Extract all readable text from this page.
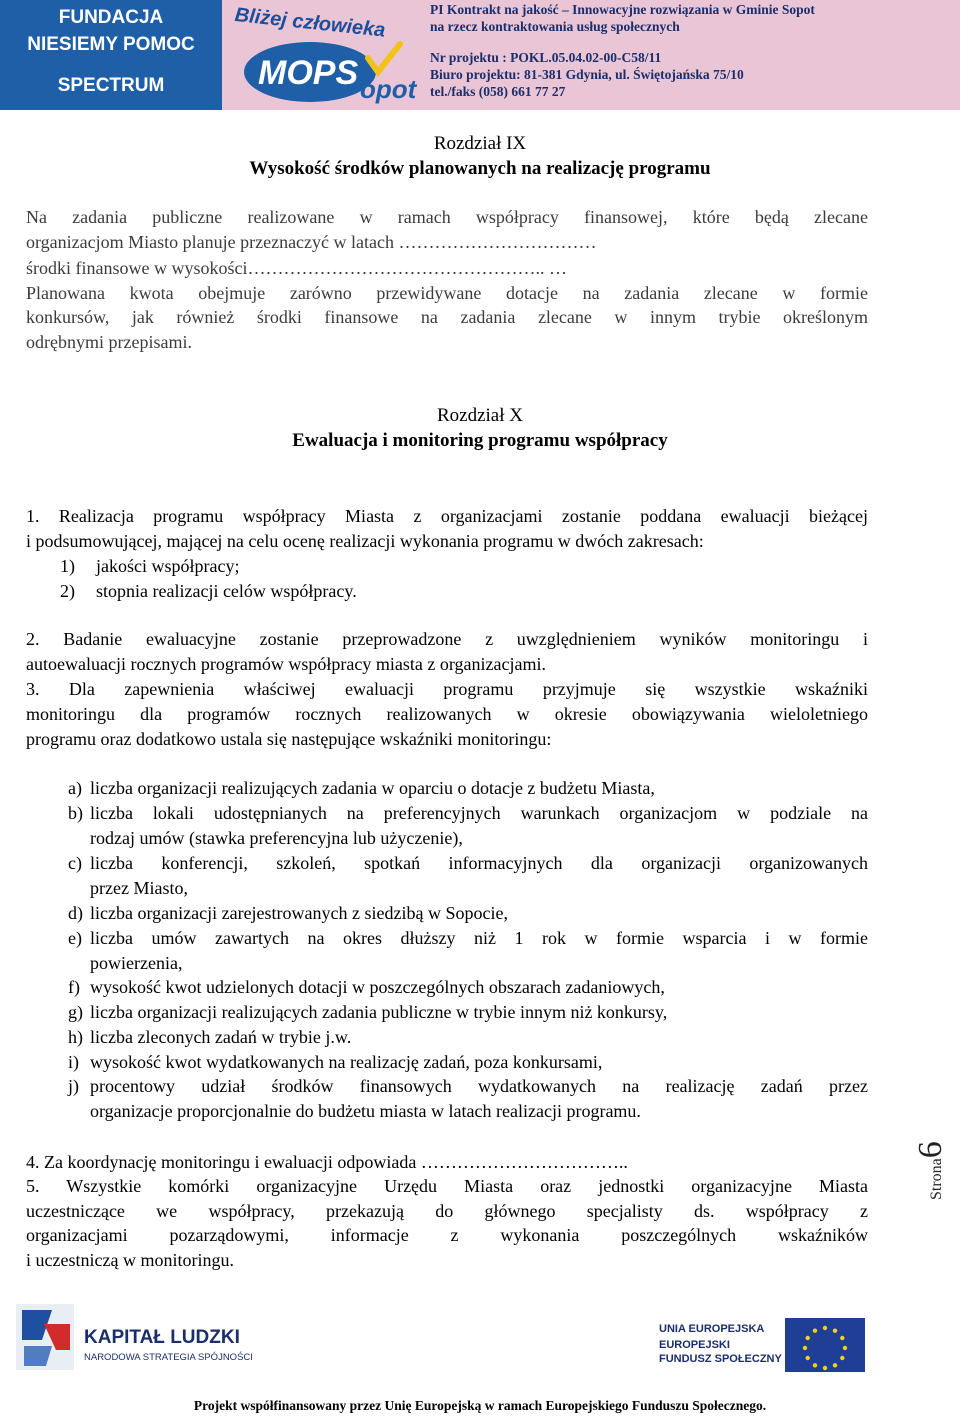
FUNDACJA
NIESIEMY POMOC
SPECTRUM
Bliżej człowieka
MOPS opot
PI Kontrakt na jakość – Innowacyjne rozwiązania w Gminie Sopot
na rzecz kontraktowania usług społecznych
Nr projektu : POKL.05.04.02-00-C58/11
Biuro projektu: 81-381 Gdynia, ul. Świętojańska 75/10
tel./faks (058) 661 77 27
Rozdział IX
Wysokość środków planowanych na realizację programu
Na zadania publiczne realizowane w ramach współpracy finansowej, które będą zlecane
organizacjom Miasto planuje przeznaczyć w latach ……………………………
środki finansowe w wysokości………………………………………….. …
Planowana kwota obejmuje zarówno przewidywane dotacje na zadania zlecane w formie
konkursów, jak również środki finansowe na zadania zlecane w innym trybie określonym
odrębnymi przepisami.
Rozdział X
Ewaluacja i monitoring programu współpracy
1. Realizacja programu współpracy Miasta z organizacjami zostanie poddana ewaluacji bieżącej
i podsumowującej, mającej na celu ocenę realizacji wykonania programu w dwóch zakresach:
1) jakości współpracy;
2) stopnia realizacji celów współpracy.
2. Badanie ewaluacyjne zostanie przeprowadzone z uwzględnieniem wyników monitoringu i
autoewaluacji rocznych programów współpracy miasta z organizacjami.
3. Dla zapewnienia właściwej ewaluacji programu przyjmuje się wszystkie wskaźniki
monitoringu dla programów rocznych realizowanych w okresie obowiązywania wieloletniego
programu oraz dodatkowo ustala się następujące wskaźniki monitoringu:
a) liczba organizacji realizujących zadania w oparciu o dotacje z budżetu Miasta,
b) liczba lokali udostępnianych na preferencyjnych warunkach organizacjom w podziale na
rodzaj umów (stawka preferencyjna lub użyczenie),
c) liczba konferencji, szkoleń, spotkań informacyjnych dla organizacji organizowanych
przez Miasto,
d) liczba organizacji zarejestrowanych z siedzibą w Sopocie,
e) liczba umów zawartych na okres dłuższy niż 1 rok w formie wsparcia i w formie
powierzenia,
f) wysokość kwot udzielonych dotacji w poszczególnych obszarach zadaniowych,
g) liczba organizacji realizujących zadania publiczne w trybie innym niż konkursy,
h) liczba zleconych zadań w trybie j.w.
i) wysokość kwot wydatkowanych na realizację zadań, poza konkursami,
j) procentowy udział środków finansowych wydatkowanych na realizację zadań przez
organizacje proporcjonalnie do budżetu miasta w latach realizacji programu.
4. Za koordynację monitoringu i ewaluacji odpowiada ……………………………..
5. Wszystkie komórki organizacyjne Urzędu Miasta oraz jednostki organizacyjne Miasta
uczestniczące we współpracy, przekazują do głównego specjalisty ds. współpracy z
organizacjami pozarządowymi, informacje z wykonania poszczególnych wskaźników
i uczestniczą w monitoringu.
Strona6
KAPITAŁ LUDZKI
NARODOWA STRATEGIA SPÓJNOŚCI
UNIA EUROPEJSKA
EUROPEJSKI
FUNDUSZ SPOŁECZNY
Projekt współfinansowany przez Unię Europejską w ramach Europejskiego Funduszu Społecznego.
